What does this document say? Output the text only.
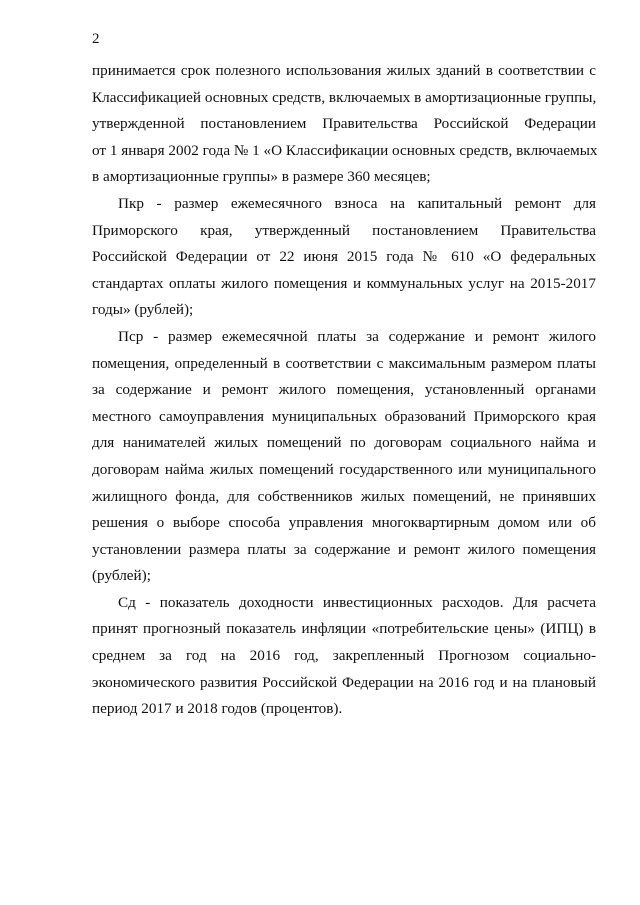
2
принимается срок полезного использования жилых зданий в соответствии с
Классификацией основных средств, включаемых в амортизационные группы,
утвержденной постановлением Правительства Российской Федерации
от 1 января 2002 года № 1 «О Классификации основных средств, включаемых
в амортизационные группы» в размере 360 месяцев;
Пкр - размер ежемесячного взноса на капитальный ремонт для
Приморского края, утвержденный постановлением Правительства
Российской Федерации от 22 июня 2015 года № 610 «О федеральных
стандартах оплаты жилого помещения и коммунальных услуг на 2015-2017
годы» (рублей);
Пср - размер ежемесячной платы за содержание и ремонт жилого
помещения, определенный в соответствии с максимальным размером платы
за содержание и ремонт жилого помещения, установленный органами
местного самоуправления муниципальных образований Приморского края
для нанимателей жилых помещений по договорам социального найма и
договорам найма жилых помещений государственного или муниципального
жилищного фонда, для собственников жилых помещений, не принявших
решения о выборе способа управления многоквартирным домом или об
установлении размера платы за содержание и ремонт жилого помещения
(рублей);
Сд - показатель доходности инвестиционных расходов. Для расчета
принят прогнозный показатель инфляции «потребительские цены» (ИПЦ) в
среднем за год на 2016 год, закрепленный Прогнозом социально-
экономического развития Российской Федерации на 2016 год и на плановый
период 2017 и 2018 годов (процентов).
